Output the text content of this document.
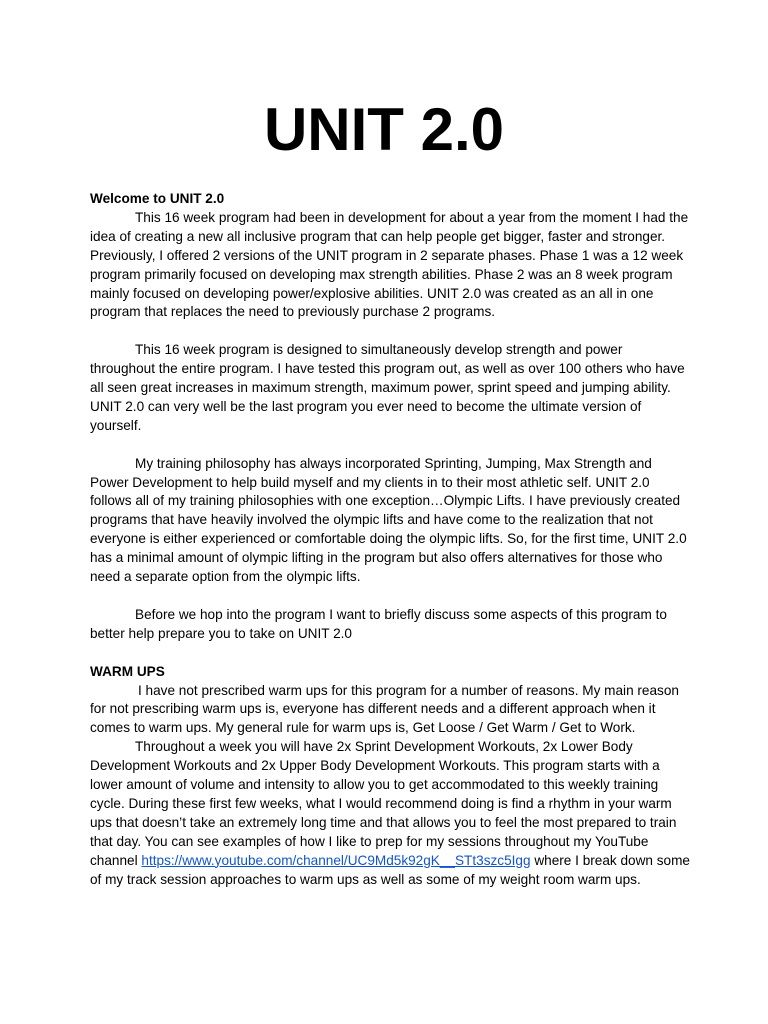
UNIT 2.0

Welcome to UNIT 2.0

This 16 week program had been in development for about a year from the moment I had the idea of creating a new all inclusive program that can help people get bigger, faster and stronger. Previously, I offered 2 versions of the UNIT program in 2 separate phases. Phase 1 was a 12 week program primarily focused on developing max strength abilities. Phase 2 was an 8 week program mainly focused on developing power/explosive abilities. UNIT 2.0 was created as an all in one program that replaces the need to previously purchase 2 programs.

This 16 week program is designed to simultaneously develop strength and power throughout the entire program. I have tested this program out, as well as over 100 others who have all seen great increases in maximum strength, maximum power, sprint speed and jumping ability. UNIT 2.0 can very well be the last program you ever need to become the ultimate version of yourself.

My training philosophy has always incorporated Sprinting, Jumping, Max Strength and Power Development to help build myself and my clients in to their most athletic self. UNIT 2.0 follows all of my training philosophies with one exception…Olympic Lifts. I have previously created programs that have heavily involved the olympic lifts and have come to the realization that not everyone is either experienced or comfortable doing the olympic lifts. So, for the first time, UNIT 2.0 has a minimal amount of olympic lifting in the program but also offers alternatives for those who need a separate option from the olympic lifts.

Before we hop into the program I want to briefly discuss some aspects of this program to better help prepare you to take on UNIT 2.0

WARM UPS

I have not prescribed warm ups for this program for a number of reasons. My main reason for not prescribing warm ups is, everyone has different needs and a different approach when it comes to warm ups. My general rule for warm ups is, Get Loose / Get Warm / Get to Work.

Throughout a week you will have 2x Sprint Development Workouts, 2x Lower Body Development Workouts and 2x Upper Body Development Workouts. This program starts with a lower amount of volume and intensity to allow you to get accommodated to this weekly training cycle. During these first few weeks, what I would recommend doing is find a rhythm in your warm ups that doesn’t take an extremely long time and that allows you to feel the most prepared to train that day. You can see examples of how I like to prep for my sessions throughout my YouTube channel https://www.youtube.com/channel/UC9Md5k92gK__STt3szc5Igg where I break down some of my track session approaches to warm ups as well as some of my weight room warm ups.
